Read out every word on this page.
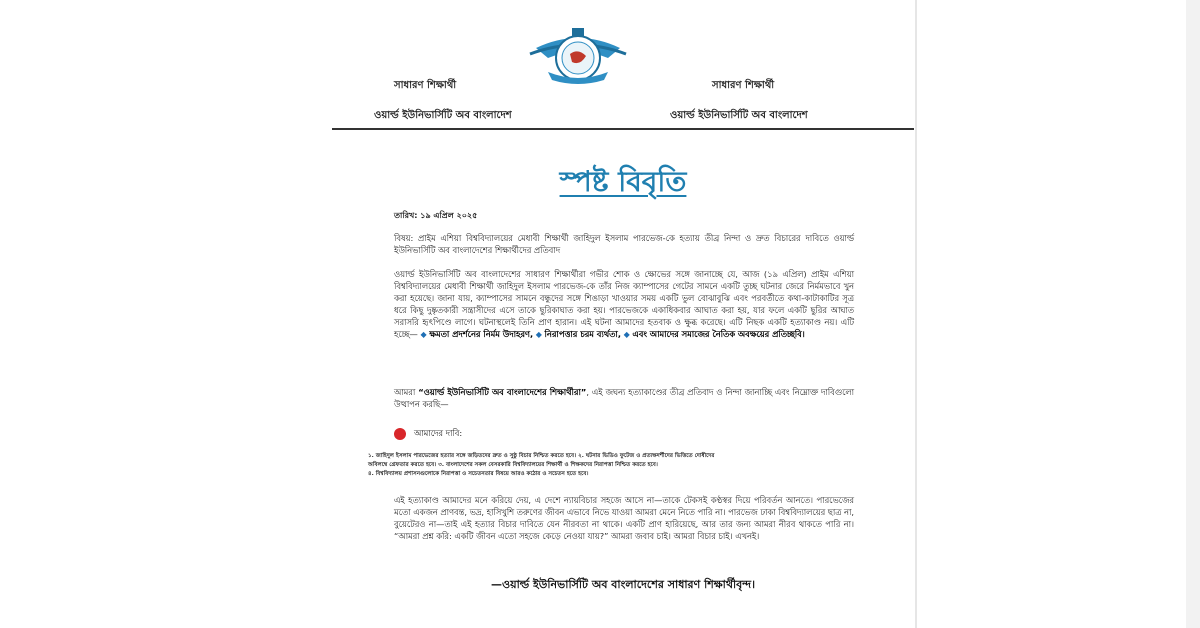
সাধারণ শিক্ষার্থী
ওয়ার্ল্ড ইউনিভার্সিটি অব বাংলাদেশ
সাধারণ শিক্ষার্থী
ওয়ার্ল্ড ইউনিভার্সিটি অব বাংলাদেশ
স্পষ্ট বিবৃতি
তারিখ: ১৯ এপ্রিল ২০২৫
বিষয়: প্রাইম এশিয়া বিশ্ববিদ্যালয়ের মেধাবী শিক্ষার্থী জাহিদুল ইসলাম পারভেজ-কে হত্যায় তীব্র নিন্দা ও দ্রুত বিচারের দাবিতে ওয়ার্ল্ড ইউনিভার্সিটি অব বাংলাদেশের শিক্ষার্থীদের প্রতিবাদ
ওয়ার্ল্ড ইউনিভার্সিটি অব বাংলাদেশের সাধারণ শিক্ষার্থীরা গভীর শোক ও ক্ষোভের সঙ্গে জানাচ্ছে যে, আজ (১৯ এপ্রিল) প্রাইম এশিয়া বিশ্ববিদ্যালয়ের মেধাবী শিক্ষার্থী জাহিদুল ইসলাম পারভেজ-কে তাঁর নিজ ক্যাম্পাসের গেটের সামনে একটি তুচ্ছ ঘটনার জেরে নির্মমভাবে খুন করা হয়েছে। জানা যায়, ক্যাম্পাসের সামনে বন্ধুদের সঙ্গে শিঙাড়া খাওয়ার সময় একটি ভুল বোঝাবুঝি এবং পরবর্তীতে কথা-কাটাকাটির সূত্র ধরে কিছু দুষ্কৃতকারী সন্ত্রাসীদের এসে তাকে ছুরিকাঘাত করা হয়। পারভেজকে একাধিকবার আঘাত করা হয়, যার ফলে একটি ছুরির আঘাত সরাসরি হৃৎপিণ্ডে লাগে। ঘটনাস্থলেই তিনি প্রাণ হারান। এই ঘটনা আমাদের হতবাক ও ক্ষুব্ধ করেছে। এটি নিছক একটি হত্যাকাণ্ড নয়। এটি হচ্ছে— ◆ ক্ষমতা প্রদর্শনের নির্মম উদাহরণ, ◆ নিরাপত্তার চরম ব্যর্থতা, ◆ এবং আমাদের সমাজের নৈতিক অবক্ষয়ের প্রতিচ্ছবি।
আমরা “ওয়ার্ল্ড ইউনিভার্সিটি অব বাংলাদেশের শিক্ষার্থীরা”, এই জঘন্য হত্যাকাণ্ডের তীব্র প্রতিবাদ ও নিন্দা জানাচ্ছি এবং নিম্নোক্ত দাবিগুলো উত্থাপন করছি—
আমাদের দাবি:
১. জাহিদুল ইসলাম পারভেজের হত্যার সঙ্গে জড়িতদের দ্রুত ও সুষ্ঠু বিচার নিশ্চিত করতে হবে। ২. ঘটনার ভিডিও ফুটেজ ও প্রত্যক্ষদর্শীদের ভিত্তিতে দোষীদের
অবিলম্বে গ্রেফতার করতে হবে। ৩. বাংলাদেশের সকল বেসরকারি বিশ্ববিদ্যালয়ের শিক্ষার্থী ও শিক্ষকদের নিরাপত্তা নিশ্চিত করতে হবে।
৪. বিশ্ববিদ্যালয় প্রশাসনগুলোকে নিরাপত্তা ও সচেতনতার বিষয়ে আরও কঠোর ও সচেতন হতে হবে।
এই হত্যাকাণ্ড আমাদের মনে করিয়ে দেয়, এ দেশে ন্যায়বিচার সহজে আসে না—তাকে টেকসই কণ্ঠস্বর দিয়ে পরিবর্তন আনতে। পারভেজের মতো একজন প্রাণবন্ত, ভদ্র, হাসিখুশি তরুণের জীবন এভাবে নিভে যাওয়া আমরা মেনে নিতে পারি না। পারভেজ ঢাকা বিশ্ববিদ্যালয়ের ছাত্র না, বুয়েটেরও না—তাই এই হত্যার বিচার দাবিতে যেন নীরবতা না থাকে। একটি প্রাণ হারিয়েছে, আর তার জন্য আমরা নীরব থাকতে পারি না। “আমরা প্রশ্ন করি: একটি জীবন এতো সহজে কেড়ে নেওয়া যায়?” আমরা জবাব চাই। আমরা বিচার চাই। এখনই।
—ওয়ার্ল্ড ইউনিভার্সিটি অব বাংলাদেশের সাধারণ শিক্ষার্থীবৃন্দ।
